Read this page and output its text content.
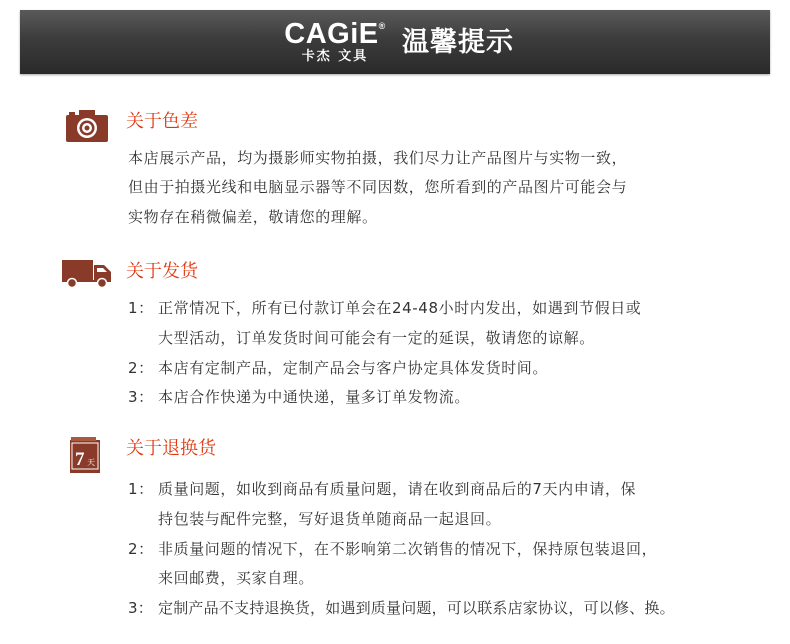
CAGiE®
卡杰 文具	温馨提示
关于色差
本店展示产品，均为摄影师实物拍摄，我们尽力让产品图片与实物一致，
但由于拍摄光线和电脑显示器等不同因数，您所看到的产品图片可能会与
实物存在稍微偏差，敬请您的理解。
关于发货
1： 正常情况下，所有已付款订单会在24-48小时内发出，如遇到节假日或
大型活动，订单发货时间可能会有一定的延误，敬请您的谅解。
2： 本店有定制产品，定制产品会与客户协定具体发货时间。
3： 本店合作快递为中通快递，量多订单发物流。
7 天
关于退换货
1： 质量问题，如收到商品有质量问题，请在收到商品后的7天内申请，保
持包装与配件完整，写好退货单随商品一起退回。
2： 非质量问题的情况下，在不影响第二次销售的情况下，保持原包装退回，
来回邮费，买家自理。
3： 定制产品不支持退换货，如遇到质量问题，可以联系店家协议，可以修、换。
